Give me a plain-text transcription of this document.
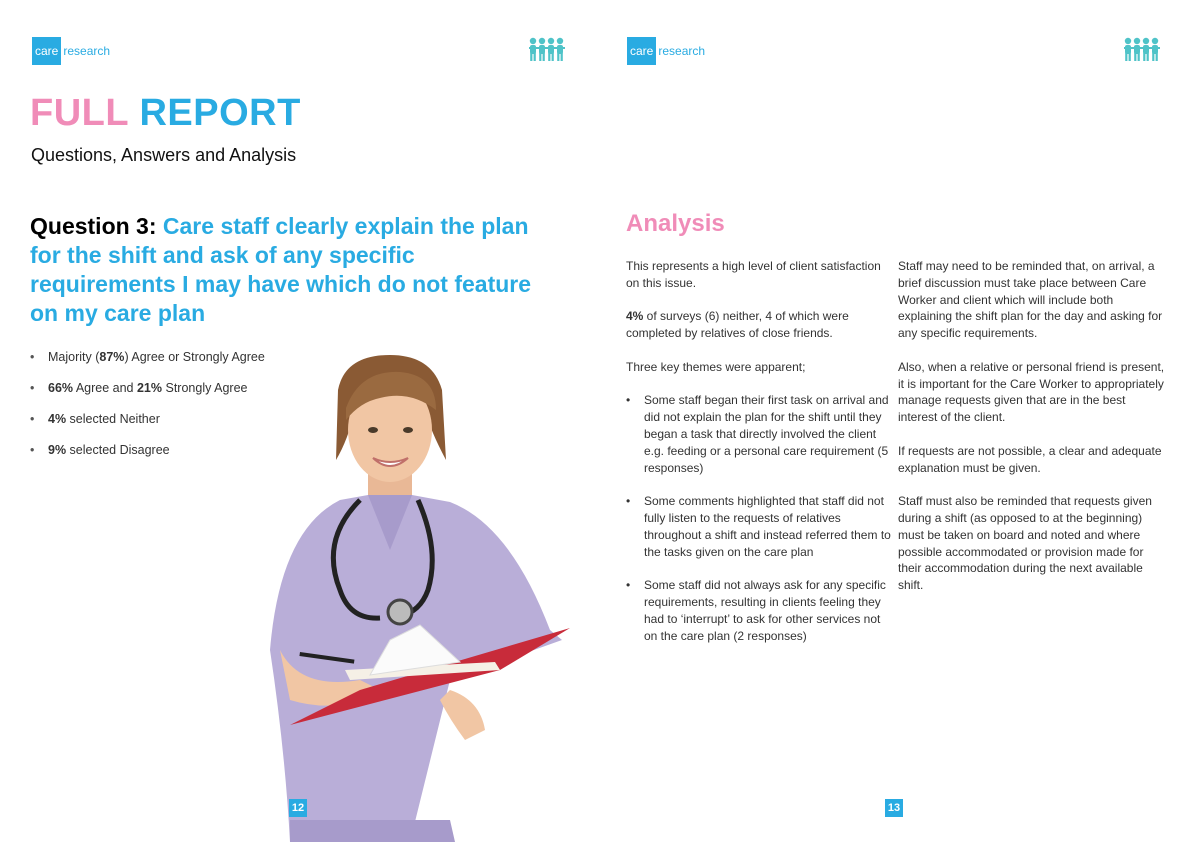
care research
FULL REPORT
Questions, Answers and Analysis
Question 3: Care staff clearly explain the plan for the shift and ask of any specific requirements I may have which do not feature on my care plan
• Majority (87%) Agree or Strongly Agree
• 66% Agree and 21% Strongly Agree
• 4% selected Neither
• 9% selected Disagree
12
care research
Analysis

This represents a high level of client satisfaction on this issue.

4% of surveys (6) neither, 4 of which were completed by relatives of close friends.

Three key themes were apparent;

• Some staff began their first task on arrival and did not explain the plan for the shift until they began a task that directly involved the client e.g. feeding or a personal care requirement (5 responses)
• Some comments highlighted that staff did not fully listen to the requests of relatives throughout a shift and instead referred them to the tasks given on the care plan
• Some staff did not always ask for any specific requirements, resulting in clients feeling they had to ‘interrupt’ to ask for other services not on the care plan (2 responses)

Staff may need to be reminded that, on arrival, a brief discussion must take place between Care Worker and client which will include both explaining the shift plan for the day and asking for any specific requirements.

Also, when a relative or personal friend is present, it is important for the Care Worker to appropriately manage requests given that are in the best interest of the client.

If requests are not possible, a clear and adequate explanation must be given.

Staff must also be reminded that requests given during a shift (as opposed to at the beginning) must be taken on board and noted and where possible accommodated or provision made for their accommodation during the next available shift.

13
